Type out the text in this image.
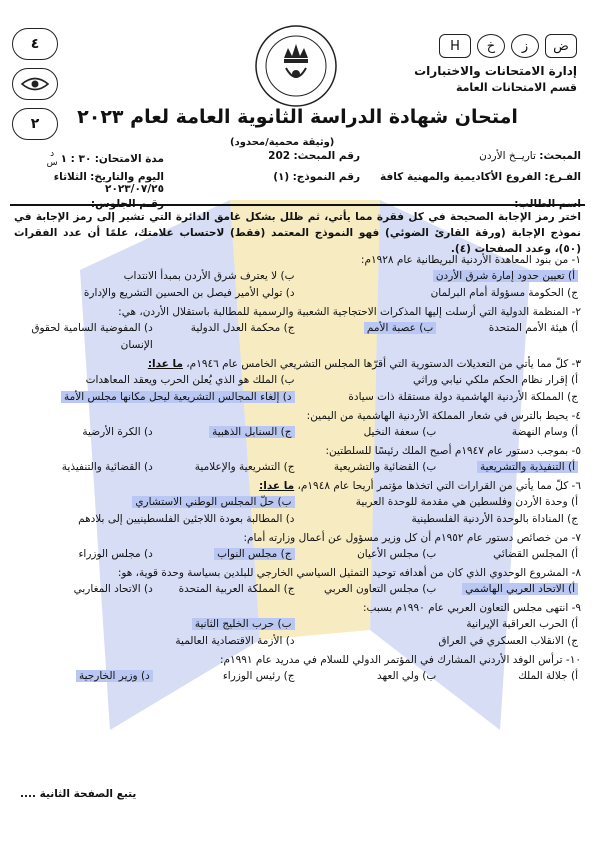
٤
٢
ض
ز
خ
H
إدارة الامتحانات والاختبارات
قسم الامتحانات العامة
امتحان شهادة الدراسة الثانوية العامة لعام ٢٠٢٣
(وثيقة محمية/محدود)
المبحث: تاريــخ الأردن
رقم المبحث: 202
مدة الامتحان:
٣٠ : ١
د
س
الفـرع: الفروع الأكاديمية والمهنية كافة
رقم النموذج: (١)
اليوم والتاريخ: الثلاثاء ٢٠٢٣/٠٧/٢٥
اسم الطالب:
رقـم الجلوس:
اختر رمز الإجابة الصحيحة في كل فقرة مما يأتي، ثم ظلل بشكل غامق الدائرة التي تشير إلى رمز الإجابة في نموذج الإجابة (ورقة القارئ الضوئي) فهو النموذج المعتمد (فقط) لاحتساب علامتك، علمًا أن عدد الفقرات (٥٠)، وعدد الصفحات (٤).
١- من بنود المعاهدة الأردنية البريطانية عام ١٩٢٨م:
أ) تعيين حدود إمارة شرق الأردن
ب) لا يعترف شرق الأردن بمبدأ الانتداب
ج) الحكومة مسؤولة أمام البرلمان
د) تولي الأمير فيصل بن الحسين التشريع والإدارة
٢- المنظمة الدولية التي أرسلت إليها المذكرات الاحتجاجية الشعبية والرسمية للمطالبة باستقلال الأردن، هي:
أ) هيئة الأمم المتحدة
ب) عصبة الأمم
ج) محكمة العدل الدولية
د) المفوضية السامية لحقوق الإنسان
٣- كلّ مما يأتي من التعديلات الدستورية التي أقرّها المجلس التشريعي الخامس عام ١٩٤٦م، ما عدا:
أ) إقرار نظام الحكم ملكي نيابي وراثي
ب) الملك هو الذي يُعلن الحرب ويعقد المعاهدات
ج) المملكة الأردنية الهاشمية دولة مستقلة ذات سيادة
د) إلغاء المجالس التشريعية ليحل مكانها مجلس الأمة
٤- يحيط بالترس في شعار المملكة الأردنية الهاشمية من اليمين:
أ) وسام النهضة
ب) سعفة النخيل
ج) السنابل الذهبية
د) الكرة الأرضية
٥- بموجب دستور عام ١٩٤٧م أصبح الملك رئيسًا للسلطتين:
أ) التنفيذية والتشريعية
ب) القضائية والتشريعية
ج) التشريعية والإعلامية
د) القضائية والتنفيذية
٦- كلّ مما يأتي من القرارات التي اتخذها مؤتمر أريحا عام ١٩٤٨م، ما عدا:
أ) وحدة الأردن وفلسطين هي مقدمة للوحدة العربية
ب) حلّ المجلس الوطني الاستشاري
ج) المناداة بالوحدة الأردنية الفلسطينية
د) المطالبة بعودة اللاجئين الفلسطينيين إلى بلادهم
٧- من خصائص دستور عام ١٩٥٢م أن كل وزير مسؤول عن أعمال وزارته أمام:
أ) المجلس القضائي
ب) مجلس الأعيان
ج) مجلس النواب
د) مجلس الوزراء
٨- المشروع الوحدوي الذي كان من أهدافه توحيد التمثيل السياسي الخارجي للبلدين بسياسة وحدة قوية، هو:
أ) الاتحاد العربي الهاشمي
ب) مجلس التعاون العربي
ج) المملكة العربية المتحدة
د) الاتحاد المغاربي
٩- انتهى مجلس التعاون العربي عام ١٩٩٠م بسبب:
أ) الحرب العراقية الإيرانية
ب) حرب الخليج الثانية
ج) الانقلاب العسكري في العراق
د) الأزمة الاقتصادية العالمية
١٠- ترأس الوفد الأردني المشارك في المؤتمر الدولي للسلام في مدريد عام ١٩٩١م:
أ) جلالة الملك
ب) ولي العهد
ج) رئيس الوزراء
د) وزير الخارجية
يتبع الصفحة الثانية ....
